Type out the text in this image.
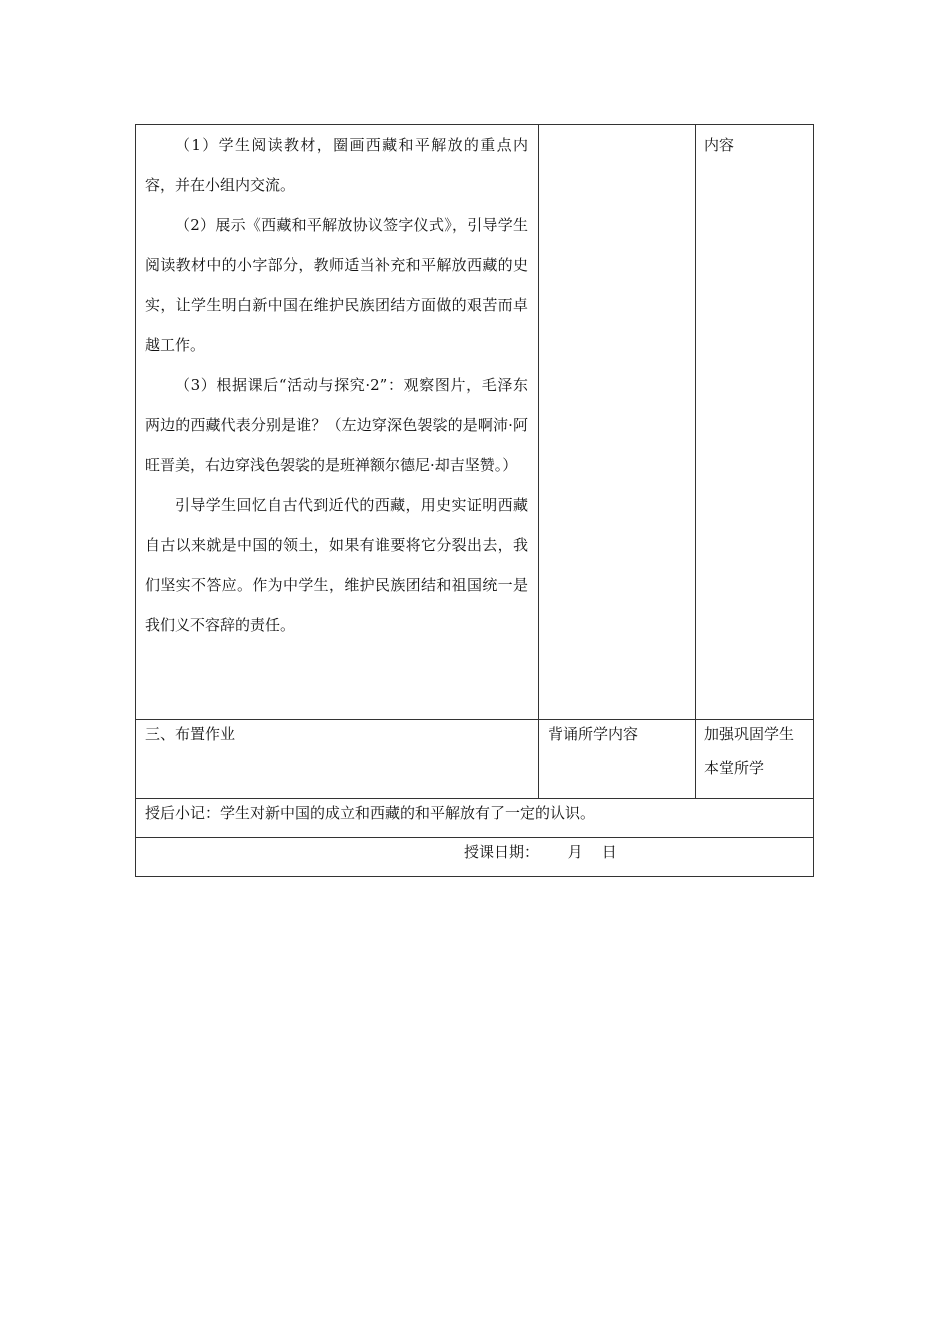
（1）学生阅读教材，圈画西藏和平解放的重点内容，并在小组内交流。

（2）展示《西藏和平解放协议签字仪式》，引导学生阅读教材中的小字部分，教师适当补充和平解放西藏的史实，让学生明白新中国在维护民族团结方面做的艰苦而卓越工作。

（3）根据课后“活动与探究·2”：观察图片，毛泽东两边的西藏代表分别是谁？（左边穿深色袈裟的是啊沛·阿旺晋美，右边穿浅色袈裟的是班禅额尔德尼·却吉坚赞。）

引导学生回忆自古代到近代的西藏，用史实证明西藏自古以来就是中国的领土，如果有谁要将它分裂出去，我们坚实不答应。作为中学生，维护民族团结和祖国统一是我们义不容辞的责任。		内容

三、布置作业	背诵所学内容	加强巩固学生
本堂所学

授后小记：学生对新中国的成立和西藏的和平解放有了一定的认识。		

授课日期： 月 日		
